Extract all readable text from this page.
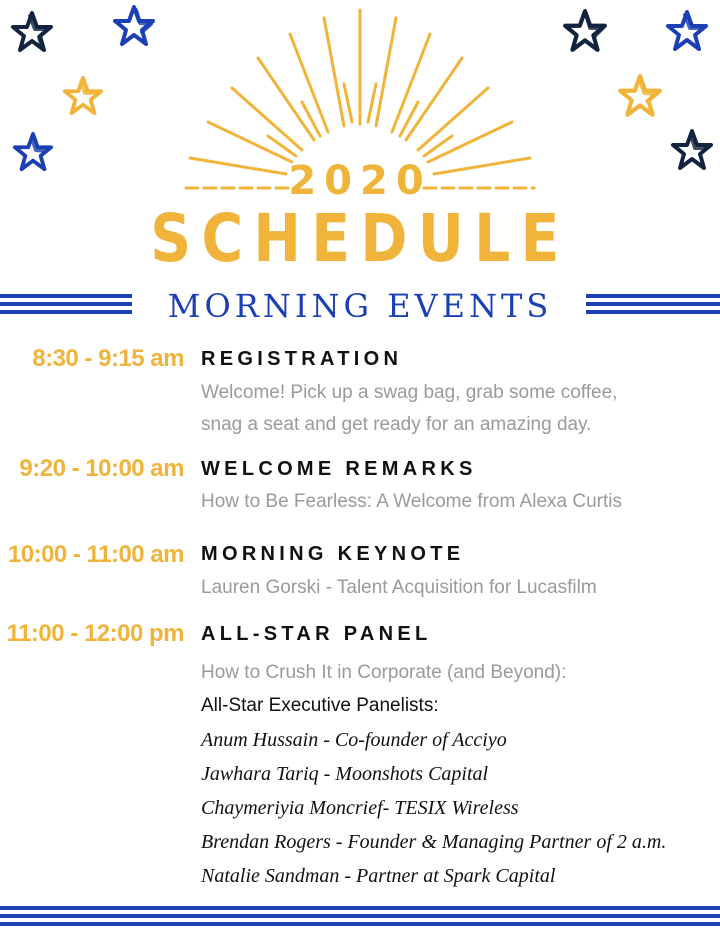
2020
SCHEDULE
MORNING EVENTS
8:30 - 9:15 am REGISTRATION
Welcome! Pick up a swag bag, grab some coffee,
snag a seat and get ready for an amazing day.
9:20 - 10:00 am WELCOME REMARKS
How to Be Fearless: A Welcome from Alexa Curtis
10:00 - 11:00 am MORNING KEYNOTE
Lauren Gorski - Talent Acquisition for Lucasfilm
11:00 - 12:00 pm ALL-STAR PANEL
How to Crush It in Corporate (and Beyond):
All-Star Executive Panelists:
Anum Hussain - Co-founder of Acciyo
Jawhara Tariq - Moonshots Capital
Chaymeriyia Moncrief- TESIX Wireless
Brendan Rogers - Founder & Managing Partner of 2 a.m.
Natalie Sandman - Partner at Spark Capital
